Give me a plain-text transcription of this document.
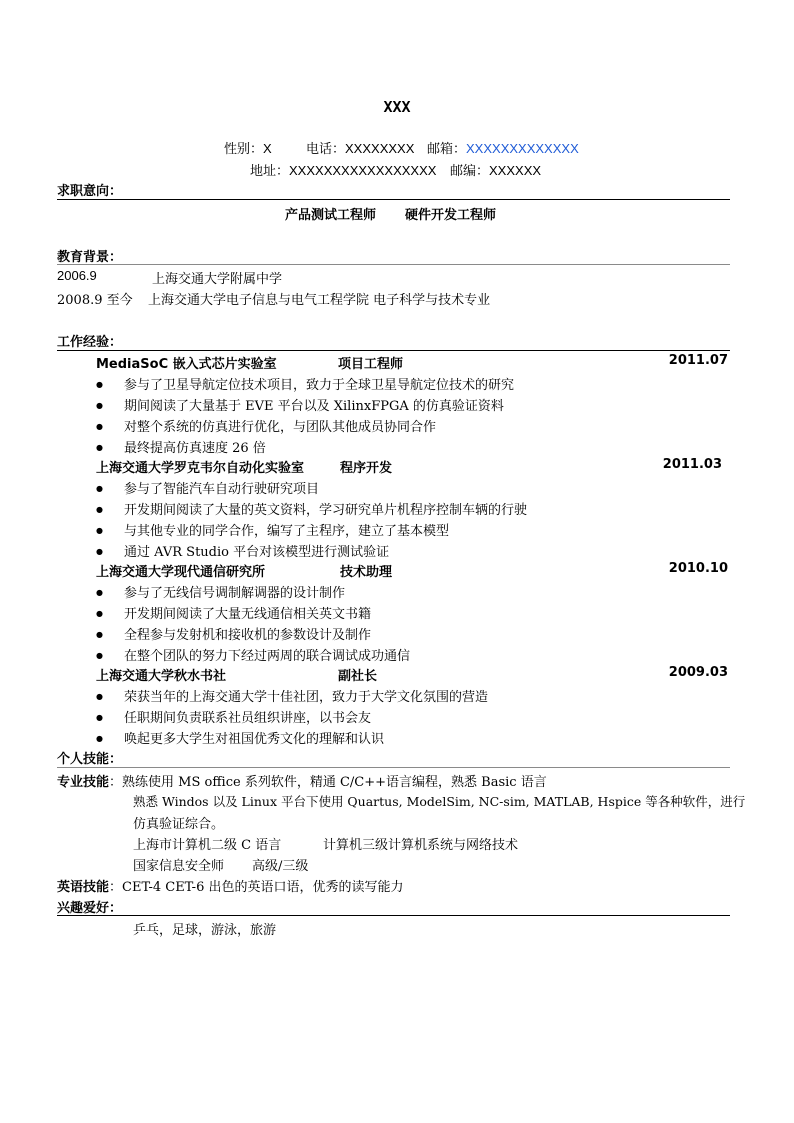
XXX
性别：X	电话：XXXXXXXX 邮箱：XXXXXXXXXXXXX
地址：XXXXXXXXXXXXXXXXX 邮编：XXXXXX
求职意向：
产品测试工程师 硬件开发工程师
教育背景：
2006.9	上海交通大学附属中学
2008.9 至今 上海交通大学电子信息与电气工程学院 电子科学与技术专业
工作经验：
MediaSoC 嵌入式芯片实验室	项目工程师	2011.07
● 参与了卫星导航定位技术项目，致力于全球卫星导航定位技术的研究
● 期间阅读了大量基于 EVE 平台以及 XilinxFPGA 的仿真验证资料
● 对整个系统的仿真进行优化，与团队其他成员协同合作
● 最终提高仿真速度 26 倍
上海交通大学罗克韦尔自动化实验室	程序开发	2011.03
● 参与了智能汽车自动行驶研究项目
● 开发期间阅读了大量的英文资料，学习研究单片机程序控制车辆的行驶
● 与其他专业的同学合作，编写了主程序，建立了基本模型
● 通过 AVR Studio 平台对该模型进行测试验证
上海交通大学现代通信研究所	技术助理	2010.10
● 参与了无线信号调制解调器的设计制作
● 开发期间阅读了大量无线通信相关英文书籍
● 全程参与发射机和接收机的参数设计及制作
● 在整个团队的努力下经过两周的联合调试成功通信
上海交通大学秋水书社	副社长	2009.03
● 荣获当年的上海交通大学十佳社团，致力于大学文化氛围的营造
● 任职期间负责联系社员组织讲座，以书会友
● 唤起更多大学生对祖国优秀文化的理解和认识
个人技能：
专业技能：熟练使用 MS office 系列软件，精通 C/C++语言编程，熟悉 Basic 语言
熟悉 Windos 以及 Linux 平台下使用 Quartus, ModelSim, NC-sim, MATLAB, Hspice 等各种软件，进行
仿真验证综合。
上海市计算机二级 C 语言	计算机三级计算机系统与网络技术
国家信息安全师 高级/三级
英语技能：CET-4 CET-6 出色的英语口语，优秀的读写能力
兴趣爱好：
乒乓，足球，游泳，旅游
